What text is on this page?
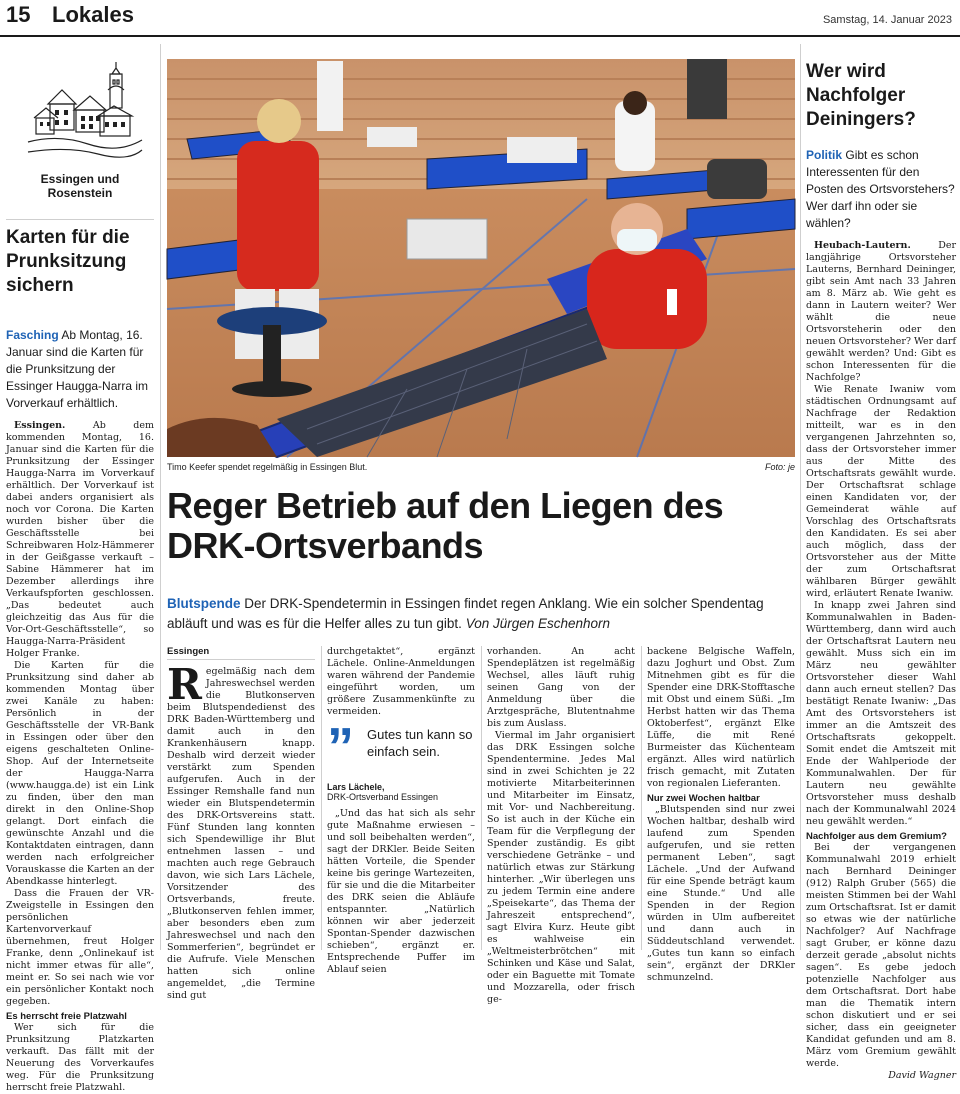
15 Lokales	Samstag, 14. Januar 2023
Essingen und
Rosenstein
Karten für die Prunksitzung sichern

Fasching Ab Montag, 16. Januar sind die Karten für die Prunksitzung der Essinger Haugga-Narra im Vorverkauf erhältlich.

Essingen.	Ab dem kommenden Montag, 16. Januar sind die Karten für die Prunksitzung der Essinger Haugga-Narra im Vorverkauf erhältlich. Der Vorverkauf ist dabei anders organisiert als noch vor Corona. Die Karten wurden bisher über die Geschäftsstelle bei Schreibwaren Holz-Hämmerer in der Geißgasse verkauft – Sabine Hämmerer hat im Dezember allerdings ihre Verkaufspforten geschlossen. „Das bedeutet auch gleichzeitig das Aus für die Vor-Ort-Geschäftsstelle“, so Haugga-Narra-Präsident Holger Franke.

Die Karten für die Prunksitzung sind daher ab kommenden Montag über zwei Kanäle zu haben: Persönlich in der Geschäftsstelle der VR-Bank in Essingen oder über den eigens geschalteten Online-Shop. Auf der Internetseite der Haugga-Narra (www.haugga.de) ist ein Link zu finden, über den man direkt in den Online-Shop gelangt. Dort einfach die gewünschte Anzahl und die Kontaktdaten eintragen, dann werden nach erfolgreicher Vorauskasse die Karten an der Abendkasse hinterlegt.

Dass die Frauen der VR-Zweigstelle in Essingen den persönlichen Kartenvorverkauf übernehmen, freut Holger Franke, denn „Onlinekauf ist nicht immer etwas für alle“, meint er. So sei nach wie vor ein persönlicher Kontakt noch gegeben.

Es herrscht freie Platzwahl

Wer sich für die Prunksitzung Platzkarten verkauft. Das fällt mit der Neuerung des Vorverkaufes weg. Für die Prunksitzung herrscht freie Platzwahl.

Timo Keefer spendet regelmäßig in Essingen Blut.	Foto: je
Reger Betrieb auf den Liegen des DRK-Ortsverbands

Blutspende Der DRK-Spendetermin in Essingen findet regen Anklang. Wie ein solcher Spendentag abläuft und was es für die Helfer alles zu tun gibt. Von Jürgen Eschenhorn

Essingen

Regelmäßig nach dem Jahreswechsel werden die Blutkonserven beim Blutspendedienst des DRK Baden-Württemberg und damit auch in den Krankenhäusern knapp. Deshalb wird derzeit wieder verstärkt zum Spenden aufgerufen. Auch in der Essinger Remshalle fand nun wieder ein Blutspendetermin des DRK-Ortsvereins statt. Fünf Stunden lang konnten sich Spendewillige ihr Blut entnehmen lassen – und machten auch rege Gebrauch davon, wie sich Lars Lächele, Vorsitzender des Ortsverbands, freute. „Blutkonserven fehlen immer, aber besonders eben zum Jahreswechsel und nach den Sommerferien“, begründet er die Aufrufe. Viele Menschen hatten sich online angemeldet, „die Termine sind gut

durchgetaktet“, ergänzt Lächele. Online-Anmeldungen waren während der Pandemie eingeführt worden, um größere Zusammenkünfte zu vermeiden.

” Gutes tun kann so einfach sein.

Lars Lächele,

DRK-Ortsverband Essingen

„Und das hat sich als sehr gute Maßnahme erwiesen – und soll beibehalten werden“, sagt der DRKler. Beide Seiten hätten Vorteile, die Spender keine bis geringe Wartezeiten, für sie und die die Mitarbeiter des DRK seien die Abläufe entspannter. „Natürlich können wir aber jederzeit Spontan-Spender dazwischen schieben“, ergänzt er. Entsprechende Puffer im Ablauf seien

vorhanden. An acht Spendeplätzen ist regelmäßig Wechsel, alles läuft ruhig seinen Gang von der Anmeldung über die Arztgespräche, Blutentnahme bis zum Auslass.

Viermal im Jahr organisiert das DRK Essingen solche Spendentermine. Jedes Mal sind in zwei Schichten je 22 motivierte Mitarbeiterinnen und Mitarbeiter im Einsatz, mit Vor- und Nachbereitung. So ist auch in der Küche ein Team für die Verpflegung der Spender zuständig. Es gibt verschiedene Getränke – und natürlich etwas zur Stärkung hinterher. „Wir überlegen uns zu jedem Termin eine andere „Speisekarte“, das Thema der Jahreszeit entsprechend“, sagt Elvira Kurz. Heute gibt es wahlweise ein „Weltmeisterbrötchen“ mit Schinken und Käse und Salat, oder ein Baguette mit Tomate und Mozzarella, oder frisch ge-

backene Belgische Waffeln, dazu Joghurt und Obst. Zum Mitnehmen gibt es für die Spender eine DRK-Stofftasche mit Obst und einem Süßi. „Im Herbst hatten wir das Thema Oktoberfest“, ergänzt Elke Lüffe, die mit René Burmeister das Küchenteam ergänzt. Alles wird natürlich frisch gemacht, mit Zutaten von regionalen Lieferanten.

Nur zwei Wochen haltbar

„Blutspenden sind nur zwei Wochen haltbar, deshalb wird laufend zum Spenden aufgerufen, und sie retten permanent Leben“, sagt Lächele. „Und der Aufwand für eine Spende beträgt kaum eine Stunde.“ Und alle Spenden in der Region würden in Ulm aufbereitet und dann auch in Süddeutschland verwendet. „Gutes tun kann so einfach sein“, ergänzt der DRKler schmunzelnd.

Wer wird Nachfolger Deiningers?

Politik Gibt es schon Interessenten für den Posten des Ortsvorstehers? Wer darf ihn oder sie wählen?

Heubach-Lautern.	Der langjährige Ortsvorsteher Lauterns, Bernhard Deininger, gibt sein Amt nach 33 Jahren am 8. März ab. Wie geht es dann in Lautern weiter? Wer wählt die neue Ortsvorsteherin oder den neuen Ortsvorsteher? Wer darf gewählt werden? Und: Gibt es schon Interessenten für die Nachfolge?

Wie Renate Iwaniw vom städtischen Ordnungsamt auf Nachfrage der Redaktion mitteilt, war es in den vergangenen Jahrzehnten so, dass der Ortsvorsteher immer aus der Mitte des Ortschaftsrats gewählt wurde. Der Ortschaftsrat schlage einen Kandidaten vor, der Gemeinderat wähle auf Vorschlag des Ortschaftsrats den Kandidaten. Es sei aber auch möglich, dass der Ortsvorsteher aus der Mitte der zum Ortschaftsrat wählbaren Bürger gewählt wird, erläutert Renate Iwaniw.

In knapp zwei Jahren sind Kommunalwahlen in Baden-Württemberg, dann wird auch der Ortschaftsrat Lautern neu gewählt. Muss sich ein im März neu gewählter Ortsvorsteher dieser Wahl dann auch erneut stellen? Das bestätigt Renate Iwaniw: „Das Amt des Ortsvorstehers ist immer an die Amtszeit des Ortschaftsrats gekoppelt. Somit endet die Amtszeit mit Ende der Wahlperiode der Kommunalwahlen. Der für Lautern neu gewählte Ortsvorsteher muss deshalb nach der Kommunalwahl 2024 neu gewählt werden.“

Nachfolger aus dem Gremium?

Bei der vergangenen Kommunalwahl 2019 erhielt nach Bernhard Deininger (912) Ralph Gruber (565) die meisten Stimmen bei der Wahl zum Ortschaftsrat. Ist er damit so etwas wie der natürliche Nachfolger? Auf Nachfrage sagt Gruber, er könne dazu derzeit gerade „absolut nichts sagen“. Es gebe jedoch potenzielle Nachfolger aus dem Ortschaftsrat. Dort habe man die Thematik intern schon diskutiert und er sei sicher, dass ein geeigneter Kandidat gefunden und am 8. März vom Gremium gewählt werde.

David Wagner
